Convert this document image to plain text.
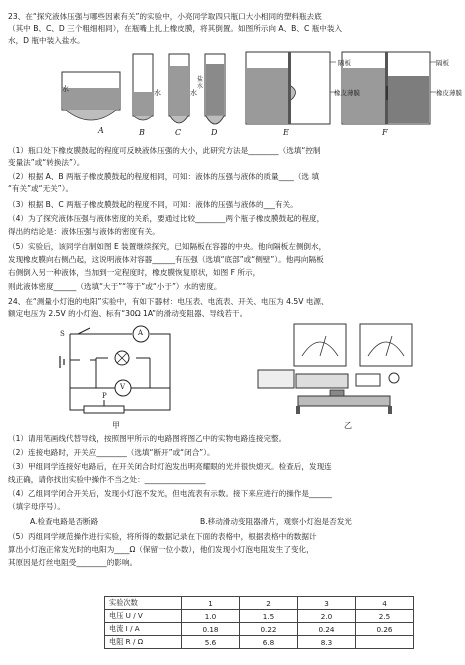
23、在“探究液体压强与哪些因素有关”的实验中，小亮同学取四只瓶口大小相同的塑料瓶去底
（其中 B、C、D 三个粗细相同），在瓶嘴上扎上橡皮膜，将其倒置。如图所示向 A、B、C 瓶中装入
水，D 瓶中装入盐水。
水	水	水
盐水
隔板
橡皮薄膜
隔板
橡皮薄膜
A	B	C	D	E	F
（1）瓶口处下橡皮膜鼓起的程度可反映液体压强的大小，此研究方法是________（选填“控制
变量法”或“转换法”）。
（2）根据 A、B 两瓶子橡皮膜鼓起的程度相同，可知：液体的压强与液体的质量____（选 填
“有关”或“无关”）。
（3）根据 B、C 两瓶子橡皮膜鼓起的程度不同，可知：液体的压强与液体的___有关。
（4）为了探究液体压强与液体密度的关系，要通过比较________两个瓶子橡皮膜鼓起的程度，
得出的结论是：液体压强与液体的密度有关。
（5）实验后，该同学自制如图 E 装置继续探究，已知隔板在容器的中央。他向隔板左侧倒水，
发现橡皮膜向右侧凸起，这说明液体对容器______有压强（选填“底部”或“侧壁”）。他再向隔板
右侧倒入另一种液体，当加到一定程度时，橡皮膜恢复原状，如图 F 所示，
则此液体密度______（选填“大于”“等于”或“小于”）水的密度。
24、在“测量小灯泡的电阳”实验中，有如下器材：电压表、电流表、开关、电压为 4.5V 电源、
额定电压为 2.5V 的小灯泡、标有“30Ω 1A”的滑动变阻器、导线若干。
S	A
V
P
甲	乙
（1）请用笔画线代替导线，按照图甲所示的电路图将图乙中的实物电路连接完整。
（2）连接电路时，开关应________（选填“断开”或“闭合”）。
（3）甲组同学连接好电路后，在开关闭合时灯泡发出明亮耀眼的光并很快熄灭。检查后，发现连
线正确，请你找出实验中操作不当之处：________________
（4）乙组同学闭合开关后，发现小灯泡不发光，但电流表有示数。接下来应进行的操作是______
（填字母序号）。
A.检查电路是否断路	B.移动滑动变阻器滑片，观察小灯泡是否发光
（5）丙组同学规范操作进行实验，将所得的数据记录在下面的表格中，根据表格中的数据计
算出小灯泡正常发光时的电阳为____Ω（保留一位小数），他们发现小灯泡电阻发生了变化，
其原因是灯丝电阻受________的影响。
实验次数	1	2	3	4
电压 U / V	1.0	1.5	2.0	2.5
电流 I / A	0.18	0.22	0.24	0.26
电阻 R / Ω	5.6	6.8	8.3	
